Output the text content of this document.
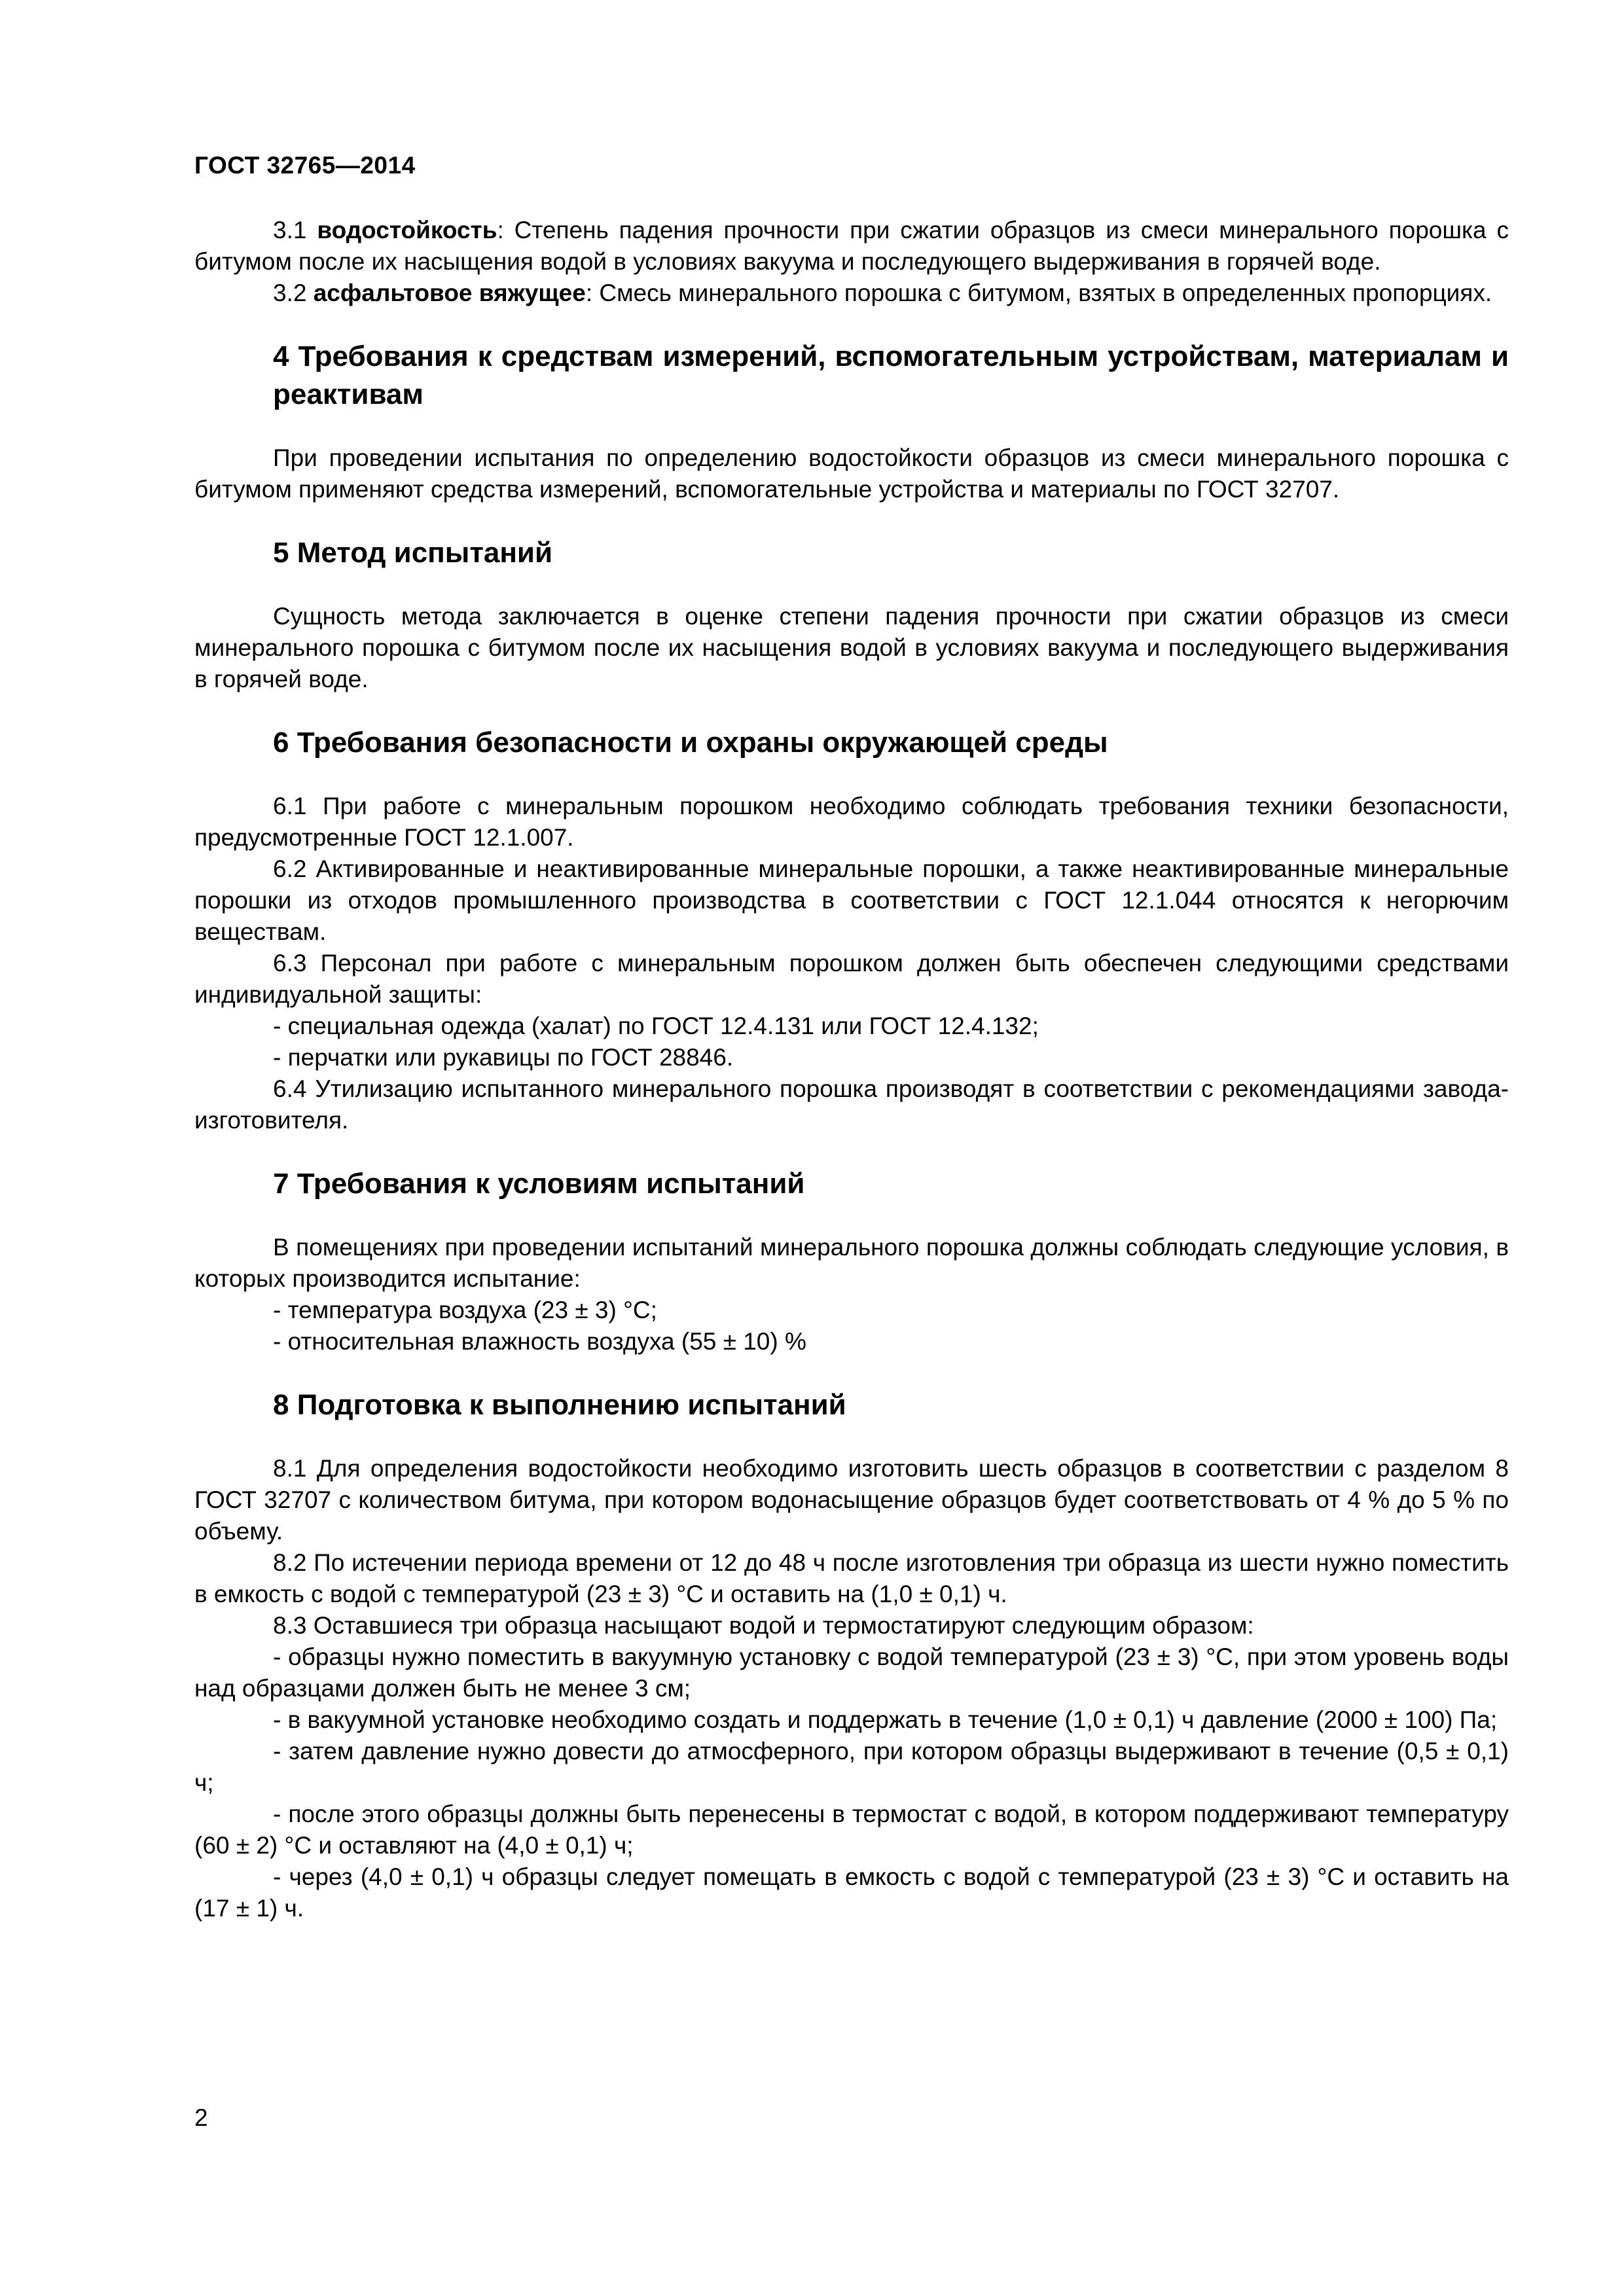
ГОСТ 32765—2014

3.1 водостойкость: Степень падения прочности при сжатии образцов из смеси минерального порошка с битумом после их насыщения водой в условиях вакуума и последующего выдерживания в горячей воде.

3.2 асфальтовое вяжущее: Смесь минерального порошка с битумом, взятых в определенных пропорциях.

4 Требования к средствам измерений, вспомогательным устройствам, материалам и реактивам

При проведении испытания по определению водостойкости образцов из смеси минерального порошка с битумом применяют средства измерений, вспомогательные устройства и материалы по ГОСТ 32707.

5 Метод испытаний

Сущность метода заключается в оценке степени падения прочности при сжатии образцов из смеси минерального порошка с битумом после их насыщения водой в условиях вакуума и последующего выдерживания в горячей воде.

6 Требования безопасности и охраны окружающей среды

6.1 При работе с минеральным порошком необходимо соблюдать требования техники безопасности, предусмотренные ГОСТ 12.1.007.

6.2 Активированные и неактивированные минеральные порошки, а также неактивированные минеральные порошки из отходов промышленного производства в соответствии с ГОСТ 12.1.044 относятся к негорючим веществам.

6.3 Персонал при работе с минеральным порошком должен быть обеспечен следующими средствами индивидуальной защиты:

- специальная одежда (халат) по ГОСТ 12.4.131 или ГОСТ 12.4.132;

- перчатки или рукавицы по ГОСТ 28846.

6.4 Утилизацию испытанного минерального порошка производят в соответствии с рекомендациями завода-изготовителя.

7 Требования к условиям испытаний

В помещениях при проведении испытаний минерального порошка должны соблюдать следующие условия, в которых производится испытание:

- температура воздуха (23 ± 3) °С;

- относительная влажность воздуха (55 ± 10) %

8 Подготовка к выполнению испытаний

8.1 Для определения водостойкости необходимо изготовить шесть образцов в соответствии с разделом 8 ГОСТ 32707 с количеством битума, при котором водонасыщение образцов будет соответствовать от 4 % до 5 % по объему.

8.2 По истечении периода времени от 12 до 48 ч после изготовления три образца из шести нужно поместить в емкость с водой с температурой (23 ± 3) °С и оставить на (1,0 ± 0,1) ч.

8.3 Оставшиеся три образца насыщают водой и термостатируют следующим образом:

- образцы нужно поместить в вакуумную установку с водой температурой (23 ± 3) °С, при этом уровень воды над образцами должен быть не менее 3 см;

- в вакуумной установке необходимо создать и поддержать в течение (1,0 ± 0,1) ч давление (2000 ± 100) Па;

- затем давление нужно довести до атмосферного, при котором образцы выдерживают в течение (0,5 ± 0,1) ч;

- после этого образцы должны быть перенесены в термостат с водой, в котором поддерживают температуру (60 ± 2) °С и оставляют на (4,0 ± 0,1) ч;

- через (4,0 ± 0,1) ч образцы следует помещать в емкость с водой с температурой (23 ± 3) °С и оставить на (17 ± 1) ч.

2
